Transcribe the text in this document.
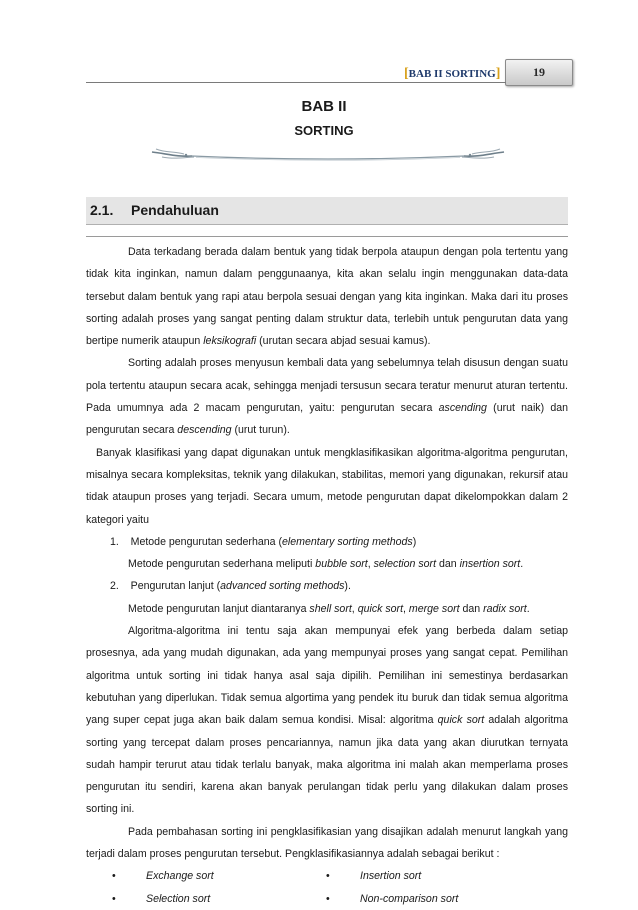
[BAB II SORTING]	19
BAB II
SORTING
2.1. Pendahuluan

Data terkadang berada dalam bentuk yang tidak berpola ataupun dengan pola tertentu yang tidak kita inginkan, namun dalam penggunaanya, kita akan selalu ingin menggunakan data-data tersebut dalam bentuk yang rapi atau berpola sesuai dengan yang kita inginkan. Maka dari itu proses sorting adalah proses yang sangat penting dalam struktur data, terlebih untuk pengurutan data yang bertipe numerik ataupun leksikografi (urutan secara abjad sesuai kamus).

Sorting adalah proses menyusun kembali data yang sebelumnya telah disusun dengan suatu pola tertentu ataupun secara acak, sehingga menjadi tersusun secara teratur menurut aturan tertentu. Pada umumnya ada 2 macam pengurutan, yaitu: pengurutan secara ascending (urut naik) dan pengurutan secara descending (urut turun).

Banyak klasifikasi yang dapat digunakan untuk mengklasifikasikan algoritma-algoritma pengurutan, misalnya secara kompleksitas, teknik yang dilakukan, stabilitas, memori yang digunakan, rekursif atau tidak ataupun proses yang terjadi. Secara umum, metode pengurutan dapat dikelompokkan dalam 2 kategori yaitu

1. Metode pengurutan sederhana (elementary sorting methods)

Metode pengurutan sederhana meliputi bubble sort, selection sort dan insertion sort.

2. Pengurutan lanjut (advanced sorting methods).

Metode pengurutan lanjut diantaranya shell sort, quick sort, merge sort dan radix sort.

Algoritma-algoritma ini tentu saja akan mempunyai efek yang berbeda dalam setiap prosesnya, ada yang mudah digunakan, ada yang mempunyai proses yang sangat cepat. Pemilihan algoritma untuk sorting ini tidak hanya asal saja dipilih. Pemilihan ini semestinya berdasarkan kebutuhan yang diperlukan. Tidak semua algortima yang pendek itu buruk dan tidak semua algoritma yang super cepat juga akan baik dalam semua kondisi. Misal: algoritma quick sort adalah algoritma sorting yang tercepat dalam proses pencariannya, namun jika data yang akan diurutkan ternyata sudah hampir terurut atau tidak terlalu banyak, maka algoritma ini malah akan memperlama proses pengurutan itu sendiri, karena akan banyak perulangan tidak perlu yang dilakukan dalam proses sorting ini.

Pada pembahasan sorting ini pengklasifikasian yang disajikan adalah menurut langkah yang terjadi dalam proses pengurutan tersebut. Pengklasifikasiannya adalah sebagai berikut :

•	Exchange sort
•	Selection sort
•	Insertion sort
•	Non-comparison sort
